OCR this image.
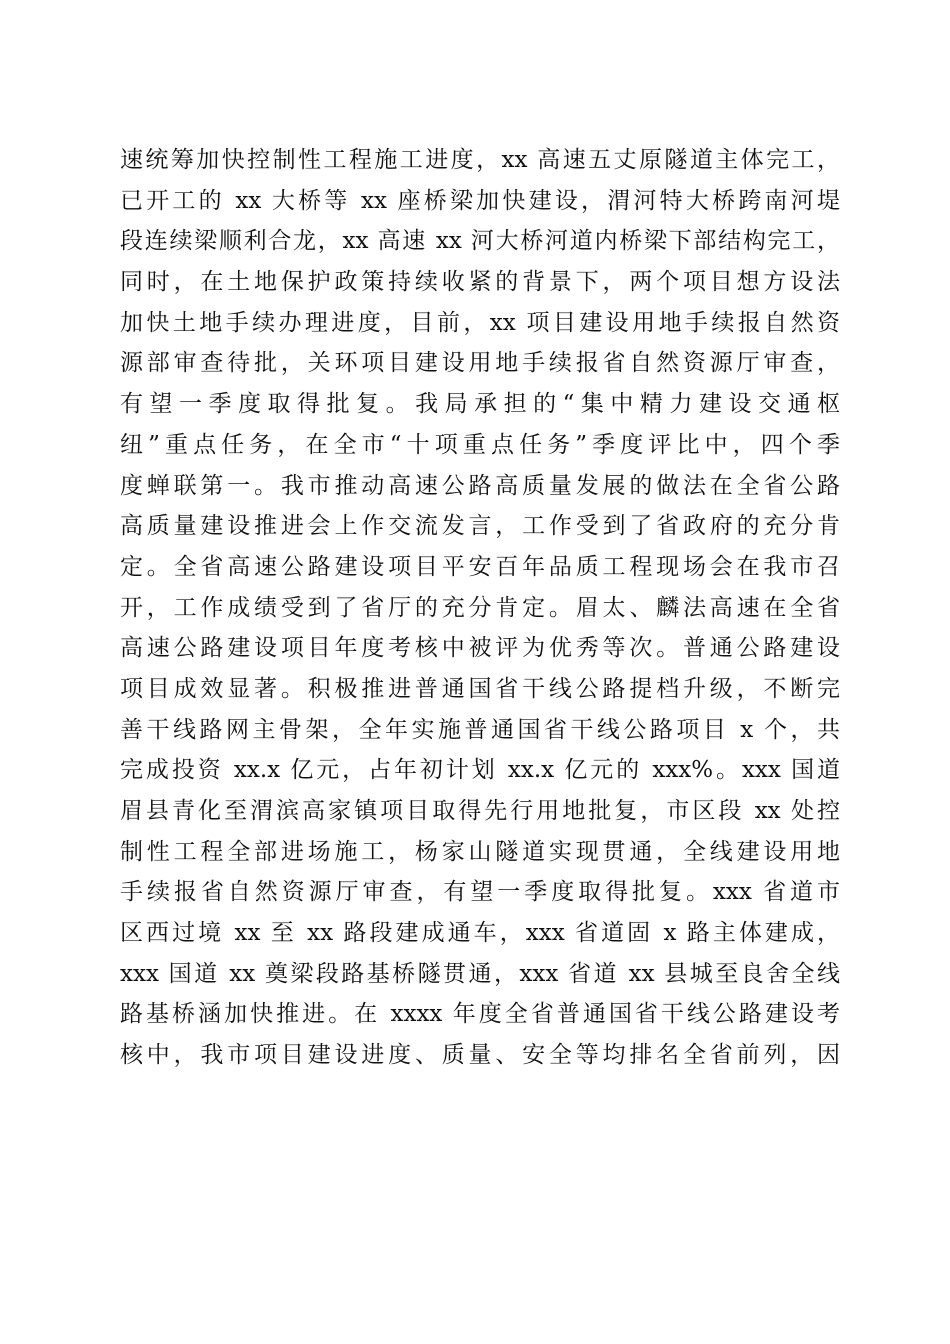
速统筹加快控制性工程施工进度，xx 高速五丈原隧道主体完工，
已开工的 xx 大桥等 xx 座桥梁加快建设，渭河特大桥跨南河堤
段连续梁顺利合龙，xx 高速 xx 河大桥河道内桥梁下部结构完工，
同时，在土地保护政策持续收紧的背景下，两个项目想方设法
加快土地手续办理进度，目前，xx 项目建设用地手续报自然资
源部审查待批，关环项目建设用地手续报省自然资源厅审查，
有望一季度取得批复。我局承担的“集中精力建设交通枢
纽”重点任务，在全市“十项重点任务”季度评比中，四个季
度蝉联第一。我市推动高速公路高质量发展的做法在全省公路
高质量建设推进会上作交流发言，工作受到了省政府的充分肯
定。全省高速公路建设项目平安百年品质工程现场会在我市召
开，工作成绩受到了省厅的充分肯定。眉太、麟法高速在全省
高速公路建设项目年度考核中被评为优秀等次。普通公路建设
项目成效显著。积极推进普通国省干线公路提档升级，不断完
善干线路网主骨架，全年实施普通国省干线公路项目 x 个，共
完成投资 xx.x 亿元，占年初计划 xx.x 亿元的 xxx%。xxx 国道
眉县青化至渭滨高家镇项目取得先行用地批复，市区段 xx 处控
制性工程全部进场施工，杨家山隧道实现贯通，全线建设用地
手续报省自然资源厅审查，有望一季度取得批复。xxx 省道市
区西过境 xx 至 xx 路段建成通车，xxx 省道固 x 路主体建成，
xxx 国道 xx 奠梁段路基桥隧贯通，xxx 省道 xx 县城至良舍全线
路基桥涵加快推进。在 xxxx 年度全省普通国省干线公路建设考
核中，我市项目建设进度、质量、安全等均排名全省前列，因
